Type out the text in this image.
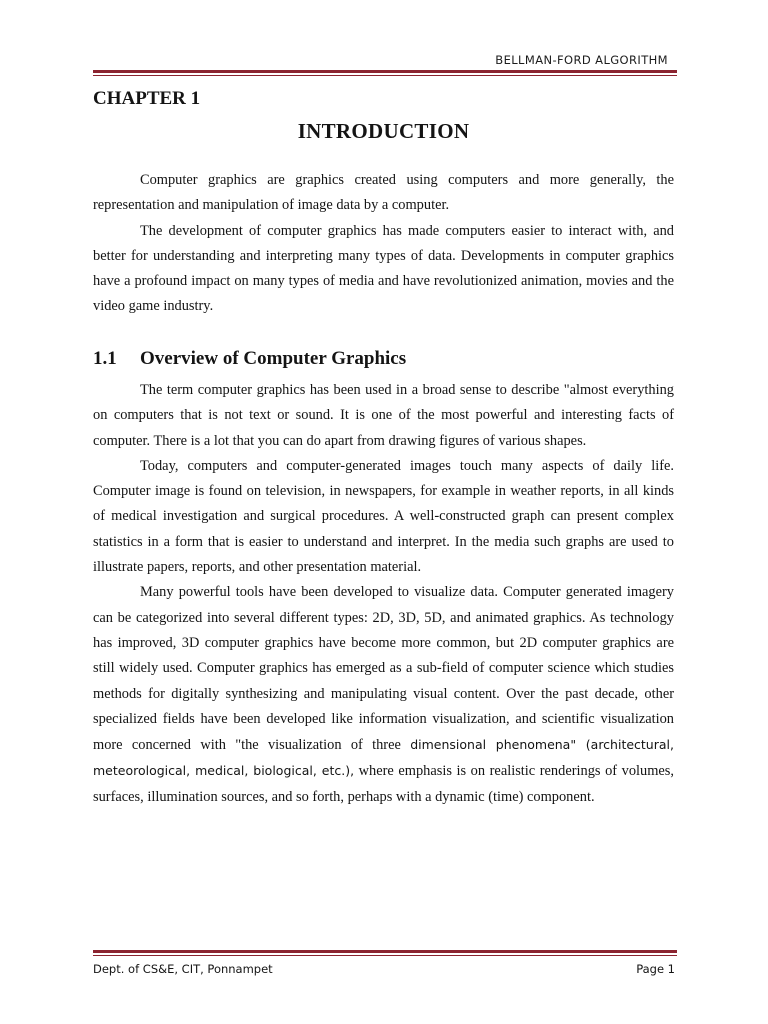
BELLMAN-FORD ALGORITHM
CHAPTER 1
INTRODUCTION

Computer graphics are graphics created using computers and more generally, the representation and manipulation of image data by a computer.

The development of computer graphics has made computers easier to interact with, and better for understanding and interpreting many types of data. Developments in computer graphics have a profound impact on many types of media and have revolutionized animation, movies and the video game industry.

1.1 Overview of Computer Graphics

The term computer graphics has been used in a broad sense to describe "almost everything on computers that is not text or sound. It is one of the most powerful and interesting facts of computer. There is a lot that you can do apart from drawing figures of various shapes.

Today, computers and computer-generated images touch many aspects of daily life. Computer image is found on television, in newspapers, for example in weather reports, in all kinds of medical investigation and surgical procedures. A well-constructed graph can present complex statistics in a form that is easier to understand and interpret. In the media such graphs are used to illustrate papers, reports, and other presentation material.

Many powerful tools have been developed to visualize data. Computer generated imagery can be categorized into several different types: 2D, 3D, 5D, and animated graphics. As technology has improved, 3D computer graphics have become more common, but 2D computer graphics are still widely used. Computer graphics has emerged as a sub-field of computer science which studies methods for digitally synthesizing and manipulating visual content. Over the past decade, other specialized fields have been developed like information visualization, and scientific visualization more concerned with "the visualization of three dimensional phenomena" (architectural, meteorological, medical, biological, etc.), where emphasis is on realistic renderings of volumes, surfaces, illumination sources, and so forth, perhaps with a dynamic (time) component.

Dept. of CS&E, CIT, Ponnampet	Page 1
